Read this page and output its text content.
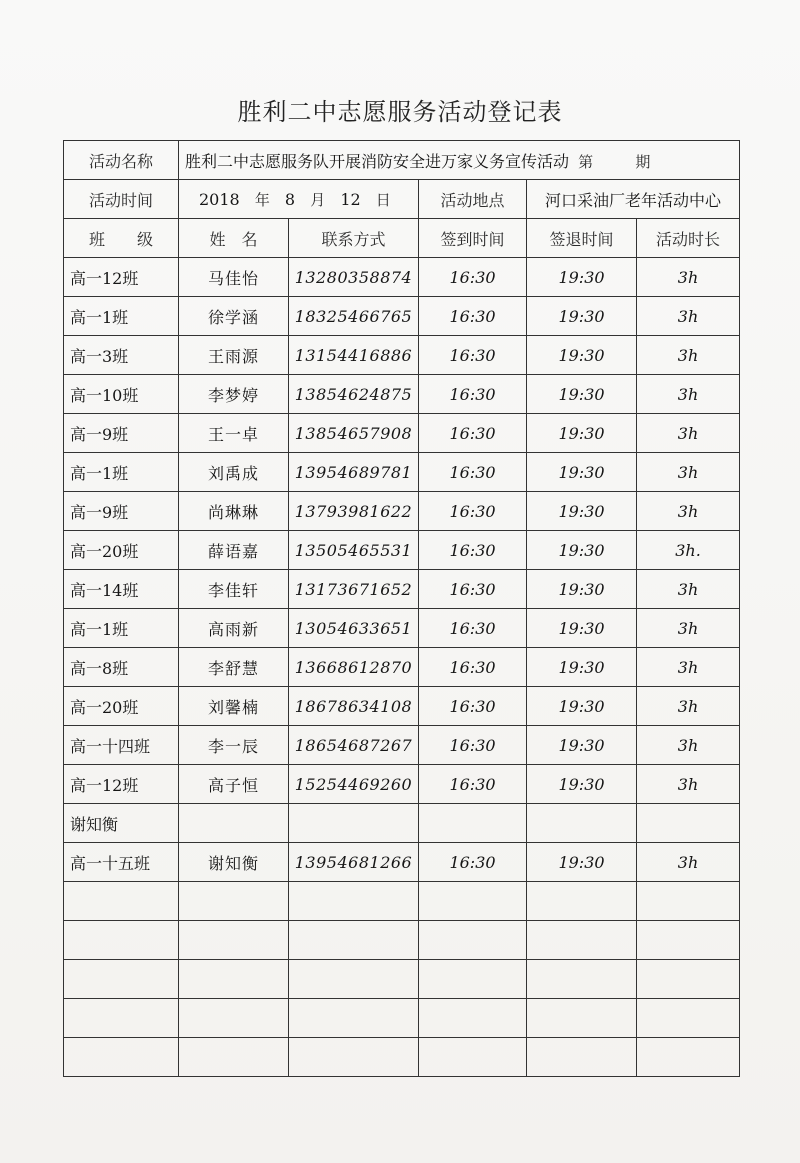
胜利二中志愿服务活动登记表
活动名称	胜利二中志愿服务队开展消防安全进万家义务宣传活动 第 期				
活动时间	2018 年 8 月 12 日		活动地点	河口采油厂老年活动中心	
班　　级	姓　名	联系方式	签到时间	签退时间	活动时长
高一12班	马佳怡	13280358874	16:30	19:30	3h
高一1班	徐学涵	18325466765	16:30	19:30	3h
高一3班	王雨源	13154416886	16:30	19:30	3h
高一10班	李梦婷	13854624875	16:30	19:30	3h
高一9班	王一卓	13854657908	16:30	19:30	3h
高一1班	刘禹成	13954689781	16:30	19:30	3h
高一9班	尚琳琳	13793981622	16:30	19:30	3h
高一20班	薛语嘉	13505465531	16:30	19:30	3h.
高一14班	李佳轩	13173671652	16:30	19:30	3h
高一1班	高雨新	13054633651	16:30	19:30	3h
高一8班	李舒慧	13668612870	16:30	19:30	3h
高一20班	刘馨楠	18678634108	16:30	19:30	3h
高一十四班	李一辰	18654687267	16:30	19:30	3h
高一12班	高子恒	15254469260	16:30	19:30	3h
谢知衡					
高一十五班	谢知衡	13954681266	16:30	19:30	3h
